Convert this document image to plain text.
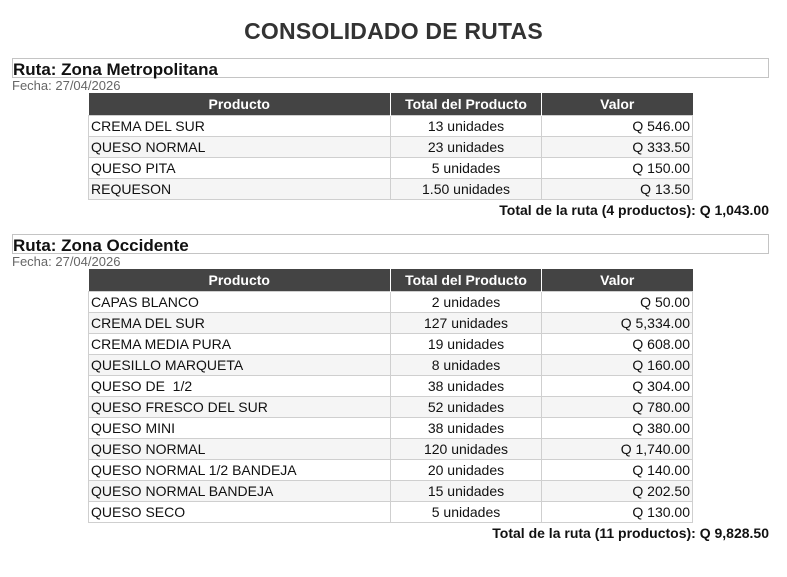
CONSOLIDADO DE RUTAS
Ruta: Zona Metropolitana
Fecha: 27/04/2026
Producto	Total del Producto	Valor
CREMA DEL SUR	13 unidades	Q 546.00
QUESO NORMAL	23 unidades	Q 333.50
QUESO PITA	5 unidades	Q 150.00
REQUESON	1.50 unidades	Q 13.50
Total de la ruta (4 productos): Q 1,043.00
Ruta: Zona Occidente
Fecha: 27/04/2026
Producto	Total del Producto	Valor
CAPAS BLANCO	2 unidades	Q 50.00
CREMA DEL SUR	127 unidades	Q 5,334.00
CREMA MEDIA PURA	19 unidades	Q 608.00
QUESILLO MARQUETA	8 unidades	Q 160.00
QUESO DE  1/2	38 unidades	Q 304.00
QUESO FRESCO DEL SUR	52 unidades	Q 780.00
QUESO MINI	38 unidades	Q 380.00
QUESO NORMAL	120 unidades	Q 1,740.00
QUESO NORMAL 1/2 BANDEJA	20 unidades	Q 140.00
QUESO NORMAL BANDEJA	15 unidades	Q 202.50
QUESO SECO	5 unidades	Q 130.00
Total de la ruta (11 productos): Q 9,828.50
